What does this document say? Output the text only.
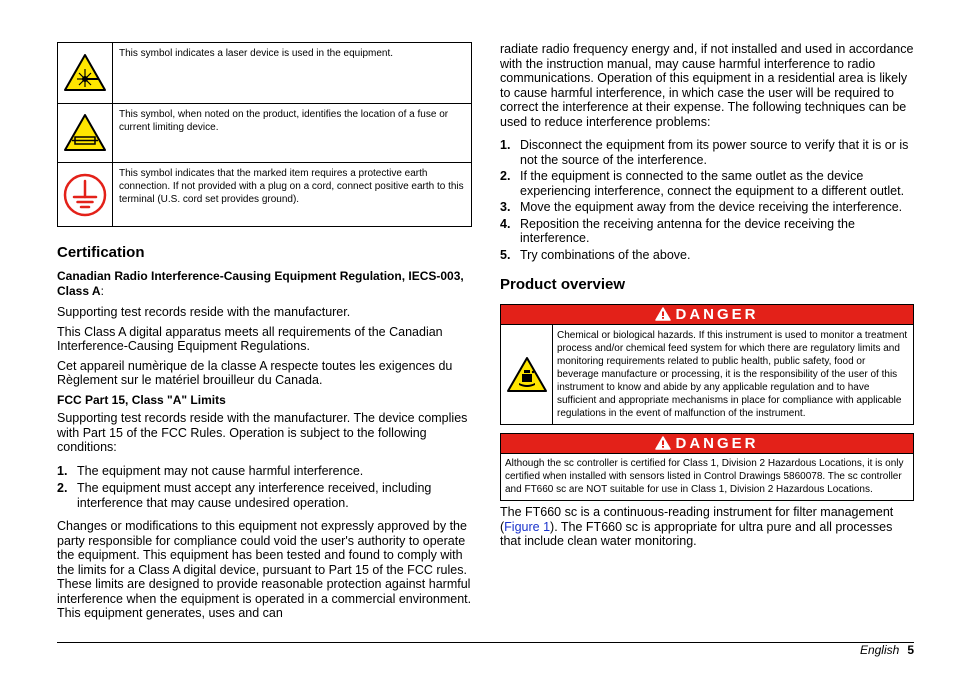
	This symbol indicates a laser device is used in the equipment.

	This symbol, when noted on the product, identifies the location of a fuse or current limiting device.

	This symbol indicates that the marked item requires a protective earth connection. If not provided with a plug on a cord, connect positive earth to this terminal (U.S. cord set provides ground).
Certification
Canadian Radio Interference-Causing Equipment Regulation, IECS-003, Class A:

Supporting test records reside with the manufacturer.

This Class A digital apparatus meets all requirements of the Canadian Interference-Causing Equipment Regulations.

Cet appareil numèrique de la classe A respecte toutes les exigences du Règlement sur le matériel brouilleur du Canada.

FCC Part 15, Class "A" Limits

Supporting test records reside with the manufacturer. The device complies with Part 15 of the FCC Rules. Operation is subject to the following conditions:

1. The equipment may not cause harmful interference.
2. The equipment must accept any interference received, including interference that may cause undesired operation.

Changes or modifications to this equipment not expressly approved by the party responsible for compliance could void the user's authority to operate the equipment. This equipment has been tested and found to comply with the limits for a Class A digital device, pursuant to Part 15 of the FCC rules. These limits are designed to provide reasonable protection against harmful interference when the equipment is operated in a commercial environment. This equipment generates, uses and can

radiate radio frequency energy and, if not installed and used in accordance with the instruction manual, may cause harmful interference to radio communications. Operation of this equipment in a residential area is likely to cause harmful interference, in which case the user will be required to correct the interference at their expense. The following techniques can be used to reduce interference problems:

1. Disconnect the equipment from its power source to verify that it is or is not the source of the interference.
2. If the equipment is connected to the same outlet as the device experiencing interference, connect the equipment to a different outlet.
3. Move the equipment away from the device receiving the interference.
4. Reposition the receiving antenna for the device receiving the interference.
5. Try combinations of the above.
Product overview
DANGER
Chemical or biological hazards. If this instrument is used to monitor a treatment process and/or chemical feed system for which there are regulatory limits and monitoring requirements related to public health, public safety, food or beverage manufacture or processing, it is the responsibility of the user of this instrument to know and abide by any applicable regulation and to have sufficient and appropriate mechanisms in place for compliance with applicable regulations in the event of malfunction of the instrument.
DANGER
Although the sc controller is certified for Class 1, Division 2 Hazardous Locations, it is only certified when installed with sensors listed in Control Drawings 5860078. The sc controller and FT660 sc are NOT suitable for use in Class 1, Division 2 Hazardous Locations.

The FT660 sc is a continuous-reading instrument for filter management (Figure 1). The FT660 sc is appropriate for ultra pure and all processes that include clean water monitoring.

English 5
